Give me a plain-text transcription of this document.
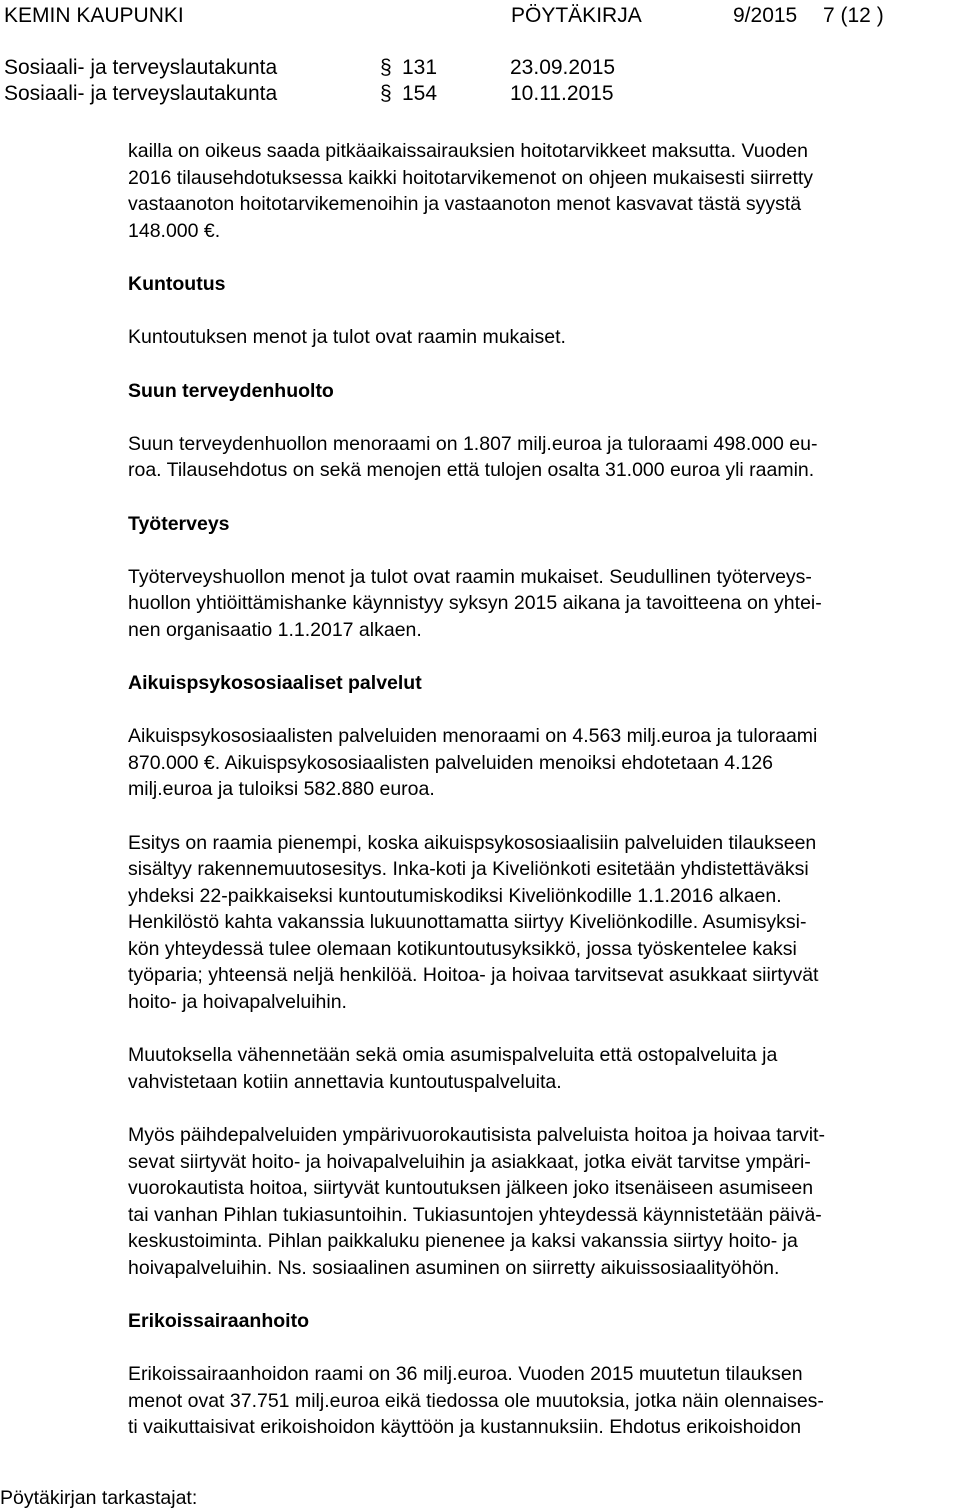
KEMIN KAUPUNKI	PÖYTÄKIRJA	9/2015 7 (12 )
Sosiaali- ja terveyslautakunta	§ 131	23.09.2015
Sosiaali- ja terveyslautakunta	§ 154	10.11.2015
kailla on oikeus saada pitkäaikaissairauksien hoitotarvikkeet maksutta. Vuoden
2016 tilausehdotuksessa kaikki hoitotarvikemenot on ohjeen mukaisesti siirretty
vastaanoton hoitotarvikemenoihin ja vastaanoton menot kasvavat tästä syystä
148.000 €.
Kuntoutus
Kuntoutuksen menot ja tulot ovat raamin mukaiset.
Suun terveydenhuolto
Suun terveydenhuollon menoraami on 1.807 milj.euroa ja tuloraami 498.000 eu-
roa. Tilausehdotus on sekä menojen että tulojen osalta 31.000 euroa yli raamin.
Työterveys
Työterveyshuollon menot ja tulot ovat raamin mukaiset. Seudullinen työterveys-
huollon yhtiöittämishanke käynnistyy syksyn 2015 aikana ja tavoitteena on yhtei-
nen organisaatio 1.1.2017 alkaen.
Aikuispsykososiaaliset palvelut
Aikuispsykososiaalisten palveluiden menoraami on 4.563 milj.euroa ja tuloraami
870.000 €. Aikuispsykososiaalisten palveluiden menoiksi ehdotetaan 4.126
milj.euroa ja tuloiksi 582.880 euroa.
Esitys on raamia pienempi, koska aikuispsykososiaalisiin palveluiden tilaukseen
sisältyy rakennemuutosesitys. Inka-koti ja Kiveliönkoti esitetään yhdistettäväksi
yhdeksi 22-paikkaiseksi kuntoutumiskodiksi Kiveliönkodille 1.1.2016 alkaen.
Henkilöstö kahta vakanssia lukuunottamatta siirtyy Kiveliönkodille. Asumisyksi-
kön yhteydessä tulee olemaan kotikuntoutusyksikkö, jossa työskentelee kaksi
työparia; yhteensä neljä henkilöä. Hoitoa- ja hoivaa tarvitsevat asukkaat siirtyvät
hoito- ja hoivapalveluihin.
Muutoksella vähennetään sekä omia asumispalveluita että ostopalveluita ja
vahvistetaan kotiin annettavia kuntoutuspalveluita.
Myös päihdepalveluiden ympärivuorokautisista palveluista hoitoa ja hoivaa tarvit-
sevat siirtyvät hoito- ja hoivapalveluihin ja asiakkaat, jotka eivät tarvitse ympäri-
vuorokautista hoitoa, siirtyvät kuntoutuksen jälkeen joko itsenäiseen asumiseen
tai vanhan Pihlan tukiasuntoihin. Tukiasuntojen yhteydessä käynnistetään päivä-
keskustoiminta. Pihlan paikkaluku pienenee ja kaksi vakanssia siirtyy hoito- ja
hoivapalveluihin. Ns. sosiaalinen asuminen on siirretty aikuissosiaalityöhön.
Erikoissairaanhoito
Erikoissairaanhoidon raami on 36 milj.euroa. Vuoden 2015 muutetun tilauksen
menot ovat 37.751 milj.euroa eikä tiedossa ole muutoksia, jotka näin olennaises-
ti vaikuttaisivat erikoishoidon käyttöön ja kustannuksiin. Ehdotus erikoishoidon
Pöytäkirjan tarkastajat:
